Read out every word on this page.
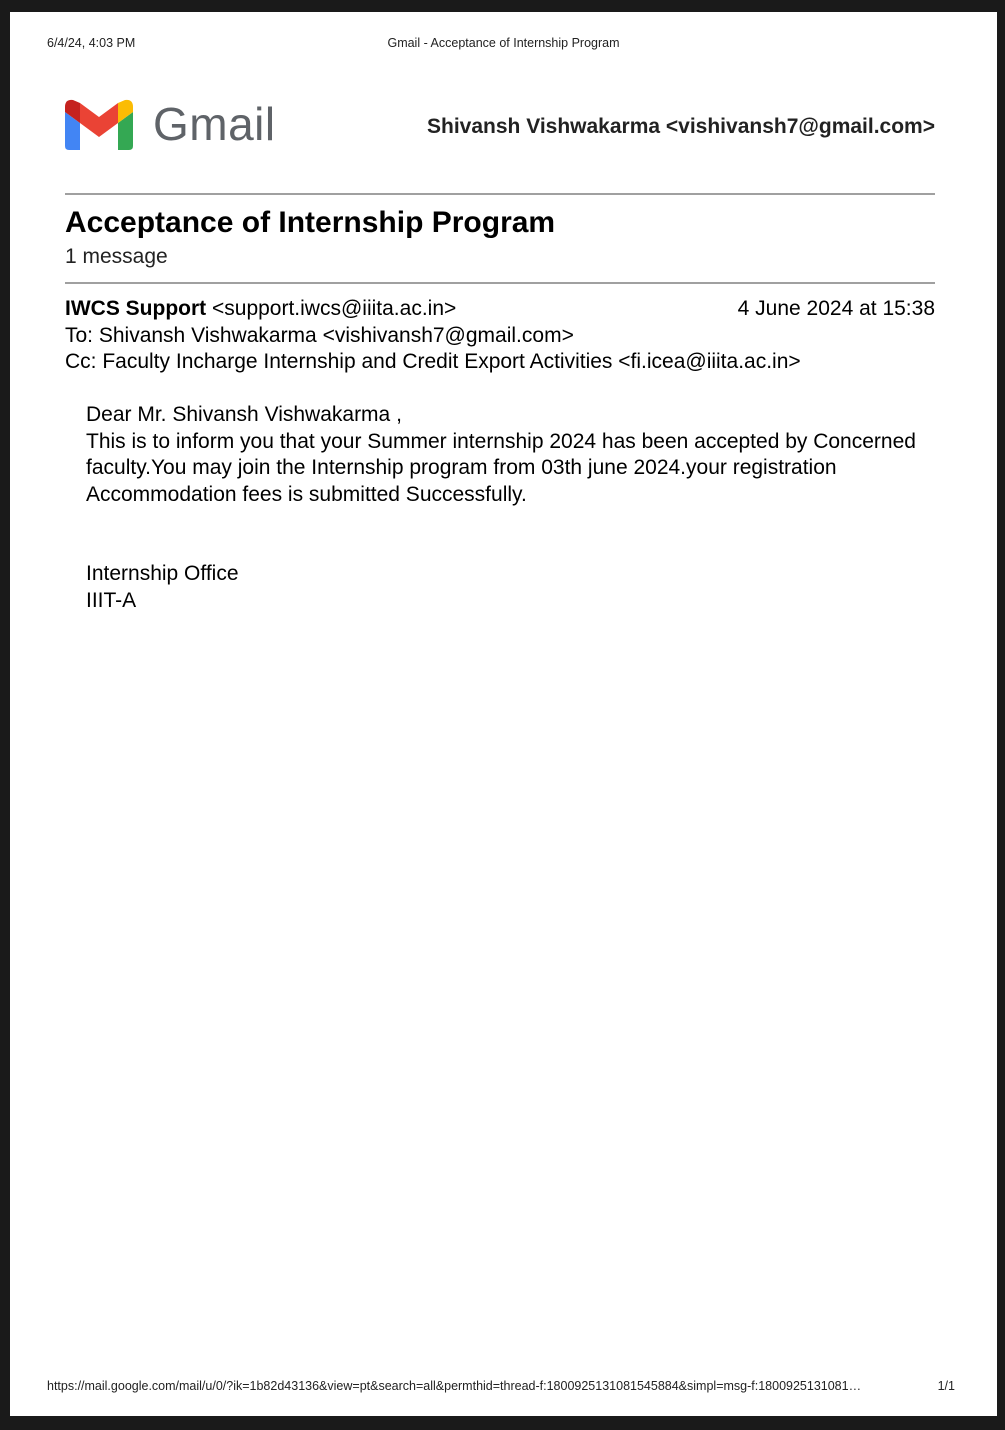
6/4/24, 4:03 PM	Gmail - Acceptance of Internship Program
Gmail	Shivansh Vishwakarma <vishivansh7@gmail.com>
Acceptance of Internship Program
1 message
IWCS Support <support.iwcs@iiita.ac.in>	4 June 2024 at 15:38
To: Shivansh Vishwakarma <vishivansh7@gmail.com>
Cc: Faculty Incharge Internship and Credit Export Activities <fi.icea@iiita.ac.in>

Dear Mr. Shivansh Vishwakarma ,

This is to inform you that your Summer internship 2024 has been accepted by Concerned faculty.You may join the Internship program from 03th june 2024.your registration Accommodation fees is submitted Successfully.

Internship Office

IIIT-A

https://mail.google.com/mail/u/0/?ik=1b82d43136&view=pt&search=all&permthid=thread-f:1800925131081545884&simpl=msg-f:1800925131081…	1/1
